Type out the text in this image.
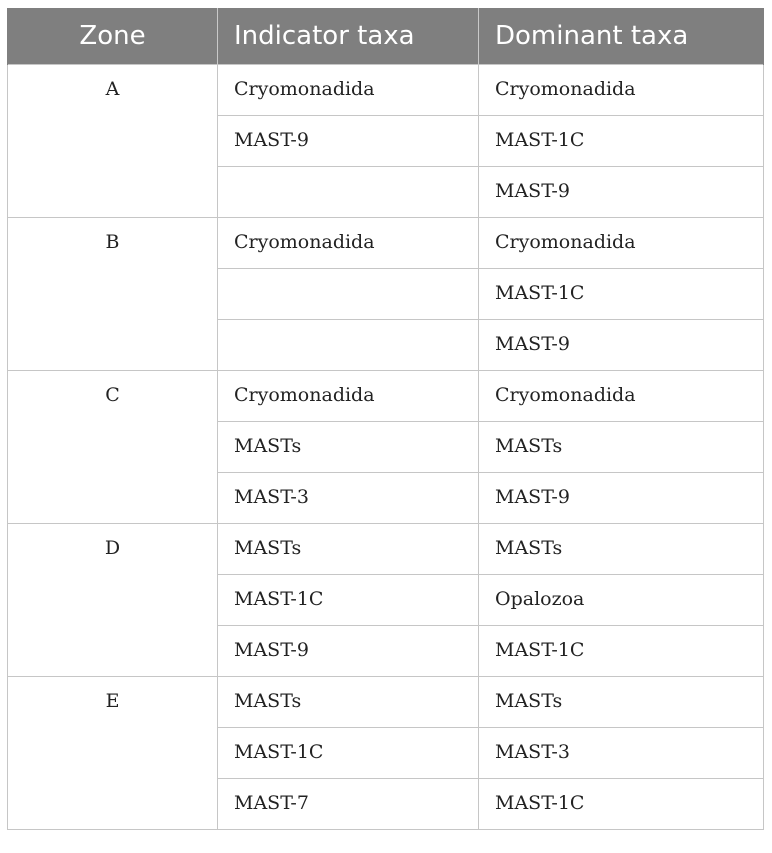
Zone	Indicator taxa	Dominant taxa
A	Cryomonadida	Cryomonadida
	MAST-9	MAST-1C
		MAST-9
B	Cryomonadida	Cryomonadida
		MAST-1C
		MAST-9
C	Cryomonadida	Cryomonadida
	MASTs	MASTs
	MAST-3	MAST-9
D	MASTs	MASTs
	MAST-1C	Opalozoa
	MAST-9	MAST-1C
E	MASTs	MASTs
	MAST-1C	MAST-3
	MAST-7	MAST-1C
